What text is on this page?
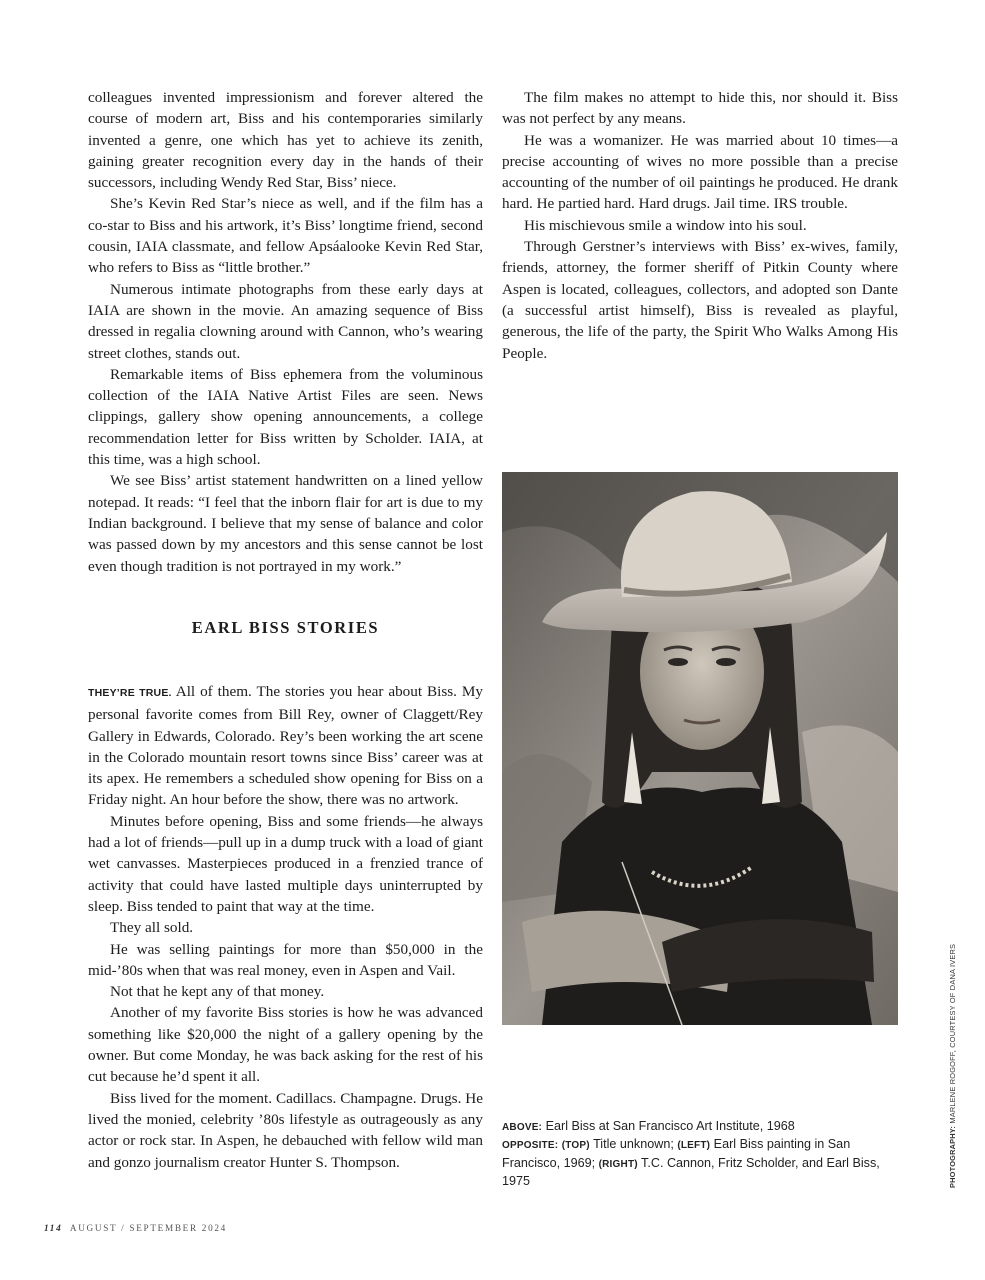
colleagues invented impressionism and forever altered the course of modern art, Biss and his contemporaries similarly invented a genre, one which has yet to achieve its zenith, gaining greater recognition every day in the hands of their successors, including Wendy Red Star, Biss’ niece.

She’s Kevin Red Star’s niece as well, and if the film has a co-star to Biss and his artwork, it’s Biss’ longtime friend, second cousin, IAIA classmate, and fellow Apsáalooke Kevin Red Star, who refers to Biss as “little brother.”

Numerous intimate photographs from these early days at IAIA are shown in the movie. An amazing sequence of Biss dressed in regalia clowning around with Cannon, who’s wearing street clothes, stands out.

Remarkable items of Biss ephemera from the voluminous collection of the IAIA Native Artist Files are seen. News clippings, gallery show opening announcements, a college recommendation letter for Biss written by Scholder. IAIA, at this time, was a high school.

We see Biss’ artist statement handwritten on a lined yellow notepad. It reads: “I feel that the inborn flair for art is due to my Indian background. I believe that my sense of balance and color was passed down by my ancestors and this sense cannot be lost even though tradition is not portrayed in my work.”

EARL BISS STORIES

THEY’RE TRUE. All of them. The stories you hear about Biss. My personal favorite comes from Bill Rey, owner of Claggett/Rey Gallery in Edwards, Colorado. Rey’s been working the art scene in the Colorado mountain resort towns since Biss’ career was at its apex. He remembers a scheduled show opening for Biss on a Friday night. An hour before the show, there was no artwork.

Minutes before opening, Biss and some friends—he always had a lot of friends—pull up in a dump truck with a load of giant wet canvasses. Masterpieces produced in a frenzied trance of activity that could have lasted multiple days uninterrupted by sleep. Biss tended to paint that way at the time.

They all sold.

He was selling paintings for more than $50,000 in the mid-’80s when that was real money, even in Aspen and Vail.

Not that he kept any of that money.

Another of my favorite Biss stories is how he was advanced something like $20,000 the night of a gallery opening by the owner. But come Monday, he was back asking for the rest of his cut because he’d spent it all.

Biss lived for the moment. Cadillacs. Champagne. Drugs. He lived the monied, celebrity ’80s lifestyle as outrageously as any actor or rock star. In Aspen, he debauched with fellow wild man and gonzo journalism creator Hunter S. Thompson.

The film makes no attempt to hide this, nor should it. Biss was not perfect by any means.

He was a womanizer. He was married about 10 times—a precise accounting of wives no more possible than a precise accounting of the number of oil paintings he produced. He drank hard. He partied hard. Hard drugs. Jail time. IRS trouble.

His mischievous smile a window into his soul.

Through Gerstner’s interviews with Biss’ ex-wives, family, friends, attorney, the former sheriff of Pitkin County where Aspen is located, colleagues, collectors, and adopted son Dante (a successful artist himself), Biss is revealed as playful, generous, the life of the party, the Spirit Who Walks Among His People.

ABOVE: Earl Biss at San Francisco Art Institute, 1968
OPPOSITE: (TOP) Title unknown; (LEFT) Earl Biss painting in San Francisco, 1969; (RIGHT) T.C. Cannon, Fritz Scholder, and Earl Biss, 1975	PHOTOGRAPHY: MARLENE ROGOFF, COURTESY OF DANA IVERS
114 AUGUST / SEPTEMBER 2024
